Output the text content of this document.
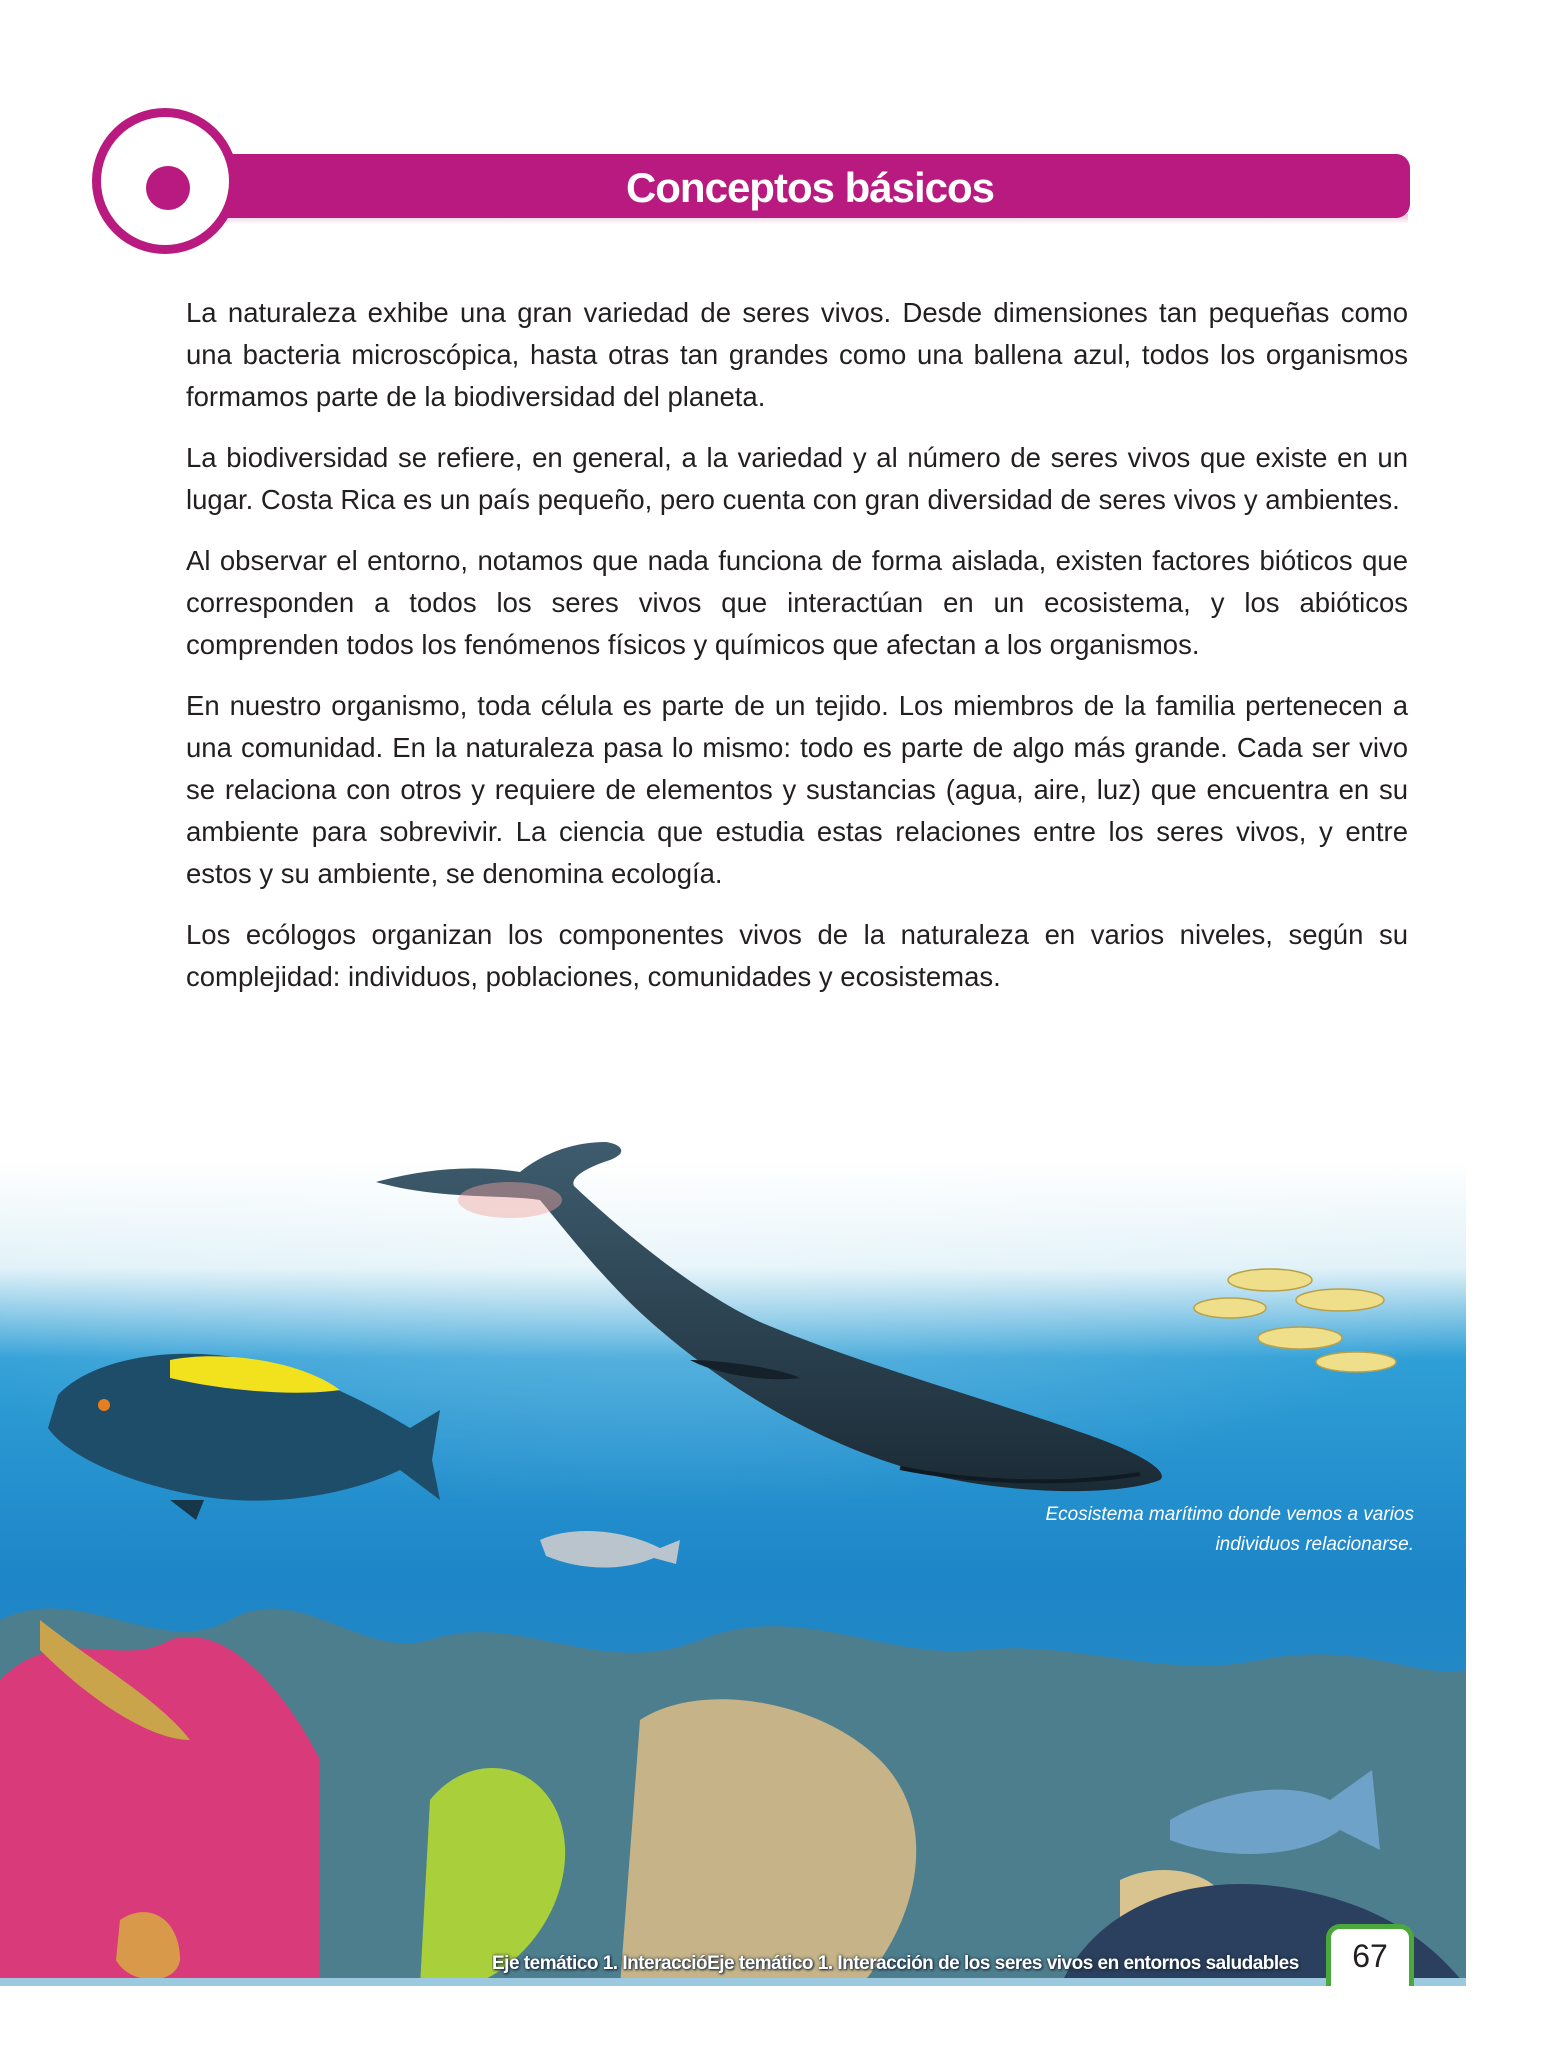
Conceptos básicos

La naturaleza exhibe una gran variedad de seres vivos. Desde dimensiones tan pequeñas como una bacteria microscópica, hasta otras tan grandes como una ballena azul, todos los organismos formamos parte de la biodiversidad del planeta.

La biodiversidad se refiere, en general, a la variedad y al número de seres vivos que existe en un lugar. Costa Rica es un país pequeño, pero cuenta con gran diversidad de seres vivos y ambientes.

Al observar el entorno, notamos que nada funciona de forma aislada, existen factores bióticos que corresponden a todos los seres vivos que interactúan en un ecosistema, y los abióticos comprenden todos los fenómenos físicos y químicos que afectan a los organismos.

En nuestro organismo, toda célula es parte de un tejido. Los miembros de la familia pertenecen a una comunidad. En la naturaleza pasa lo mismo: todo es parte de algo más grande. Cada ser vivo se relaciona con otros y requiere de elementos y sustancias (agua, aire, luz) que encuentra en su ambiente para sobrevivir. La ciencia que estudia estas relaciones entre los seres vivos, y entre estos y su ambiente, se denomina ecología.

Los ecólogos organizan los componentes vivos de la naturaleza en varios niveles, según su complejidad: individuos, poblaciones, comunidades y ecosistemas.

Ecosistema marítimo donde vemos a varios
individuos relacionarse.
Eje temático 1. InteraccióEje temático 1. Interacción de los seres vivos en entornos saludables	67
